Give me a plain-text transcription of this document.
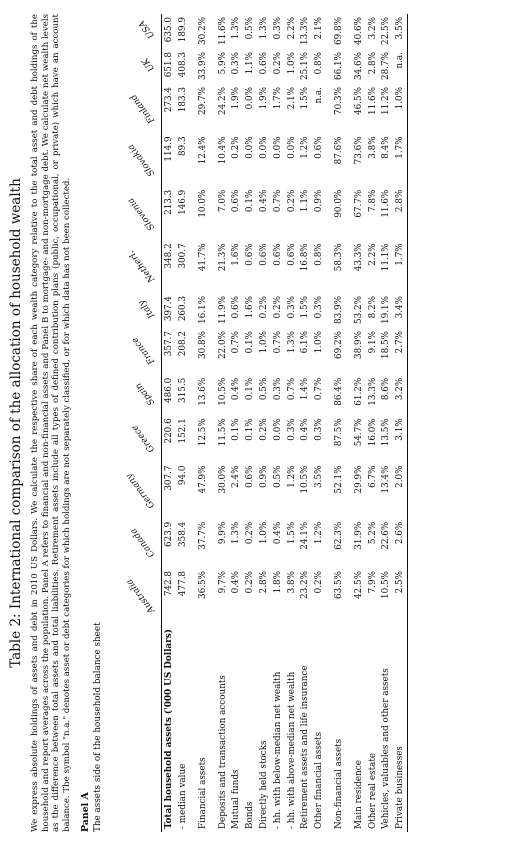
Table 2: International comparison of the allocation of household wealth We express absolute holdings of assets and debt in 2010 US Dollars. We calculate the respective share of each wealth category relative to the total asset and debt holdings of the household and report averages across the population. Panel A refers to financial and non-financial assets and Panel B to mortgage- and non-mortgage debt. We calculate net wealth levels as the difference between total assets and total liabilities. Retirement assets include all types of defined contribution plans (public, occupational, or private) which have an account balance. The symbol "n.a." denotes asset or debt categories for which holdings are not separately classified, or for which data has not been collected. Panel A The assets side of the household balance sheet
	Australia	Canada	Germany	Greece	Spain	France	Italy	Netherl.	Slovenia	Slovakia	Finland	UK	USA
Total household assets ('000 US Dollars)	742.8	623.9	307.7	220.6	486.0	357.7	397.4	348.2	213.3	114.9	273.4	651.8	635.0
- median value	477.8	358.4	94.0	152.1	315.5	208.2	260.3	300.7	146.9	89.3	183.3	408.3	189.9
Financial assets	36.5%	37.7%	47.9%	12.5%	13.6%	30.8%	16.1%	41.7%	10.0%	12.4%	29.7%	33.9%	30.2%
Deposits and transaction accounts	9.7%	9.9%	30.0%	11.5%	10.5%	22.0%	11.9%	21.3%	7.0%	10.4%	24.2%	5.9%	11.6%
Mutual funds	0.4%	1.3%	2.4%	0.1%	0.4%	0.7%	0.6%	1.6%	0.6%	0.2%	1.9%	0.3%	1.3%
Bonds	0.2%	0.2%	0.6%	0.1%	0.1%	0.1%	1.6%	0.6%	0.1%	0.0%	0.0%	1.1%	0.5%
Directly held stocks	2.8%	1.0%	0.9%	0.2%	0.5%	1.0%	0.2%	0.6%	0.4%	0.0%	1.9%	0.6%	1.3%
- hh. with below-median net wealth	1.8%	0.4%	0.5%	0.0%	0.3%	0.7%	0.2%	0.6%	0.7%	0.0%	1.7%	0.2%	0.3%
- hh. with above-median net wealth	3.8%	1.5%	1.2%	0.3%	0.7%	1.3%	0.3%	0.6%	0.2%	0.0%	2.1%	1.0%	2.2%
Retirement assets and life insurance	23.2%	24.1%	10.5%	0.4%	1.4%	6.1%	1.5%	16.8%	1.1%	1.2%	1.5%	25.1%	13.3%
Other financial assets	0.2%	1.2%	3.5%	0.3%	0.7%	1.0%	0.3%	0.8%	0.9%	0.6%	n.a.	0.8%	2.1%
Non-financial assets	63.5%	62.3%	52.1%	87.5%	86.4%	69.2%	83.9%	58.3%	90.0%	87.6%	70.3%	66.1%	69.8%
Main residence	42.5%	31.9%	29.9%	54.7%	61.2%	38.9%	53.2%	43.3%	67.7%	73.6%	46.5%	34.6%	40.6%
Other real estate	7.9%	5.2%	6.7%	16.0%	13.3%	9.1%	8.2%	2.2%	7.8%	3.8%	11.6%	2.8%	3.2%
Vehicles, valuables and other assets	10.5%	22.6%	13.4%	13.5%	8.6%	18.5%	19.1%	11.1%	11.6%	8.4%	11.2%	28.7%	22.5%
Private businesses	2.5%	2.6%	2.0%	3.1%	3.2%	2.7%	3.4%	1.7%	2.8%	1.7%	1.0%	n.a.	3.5%
